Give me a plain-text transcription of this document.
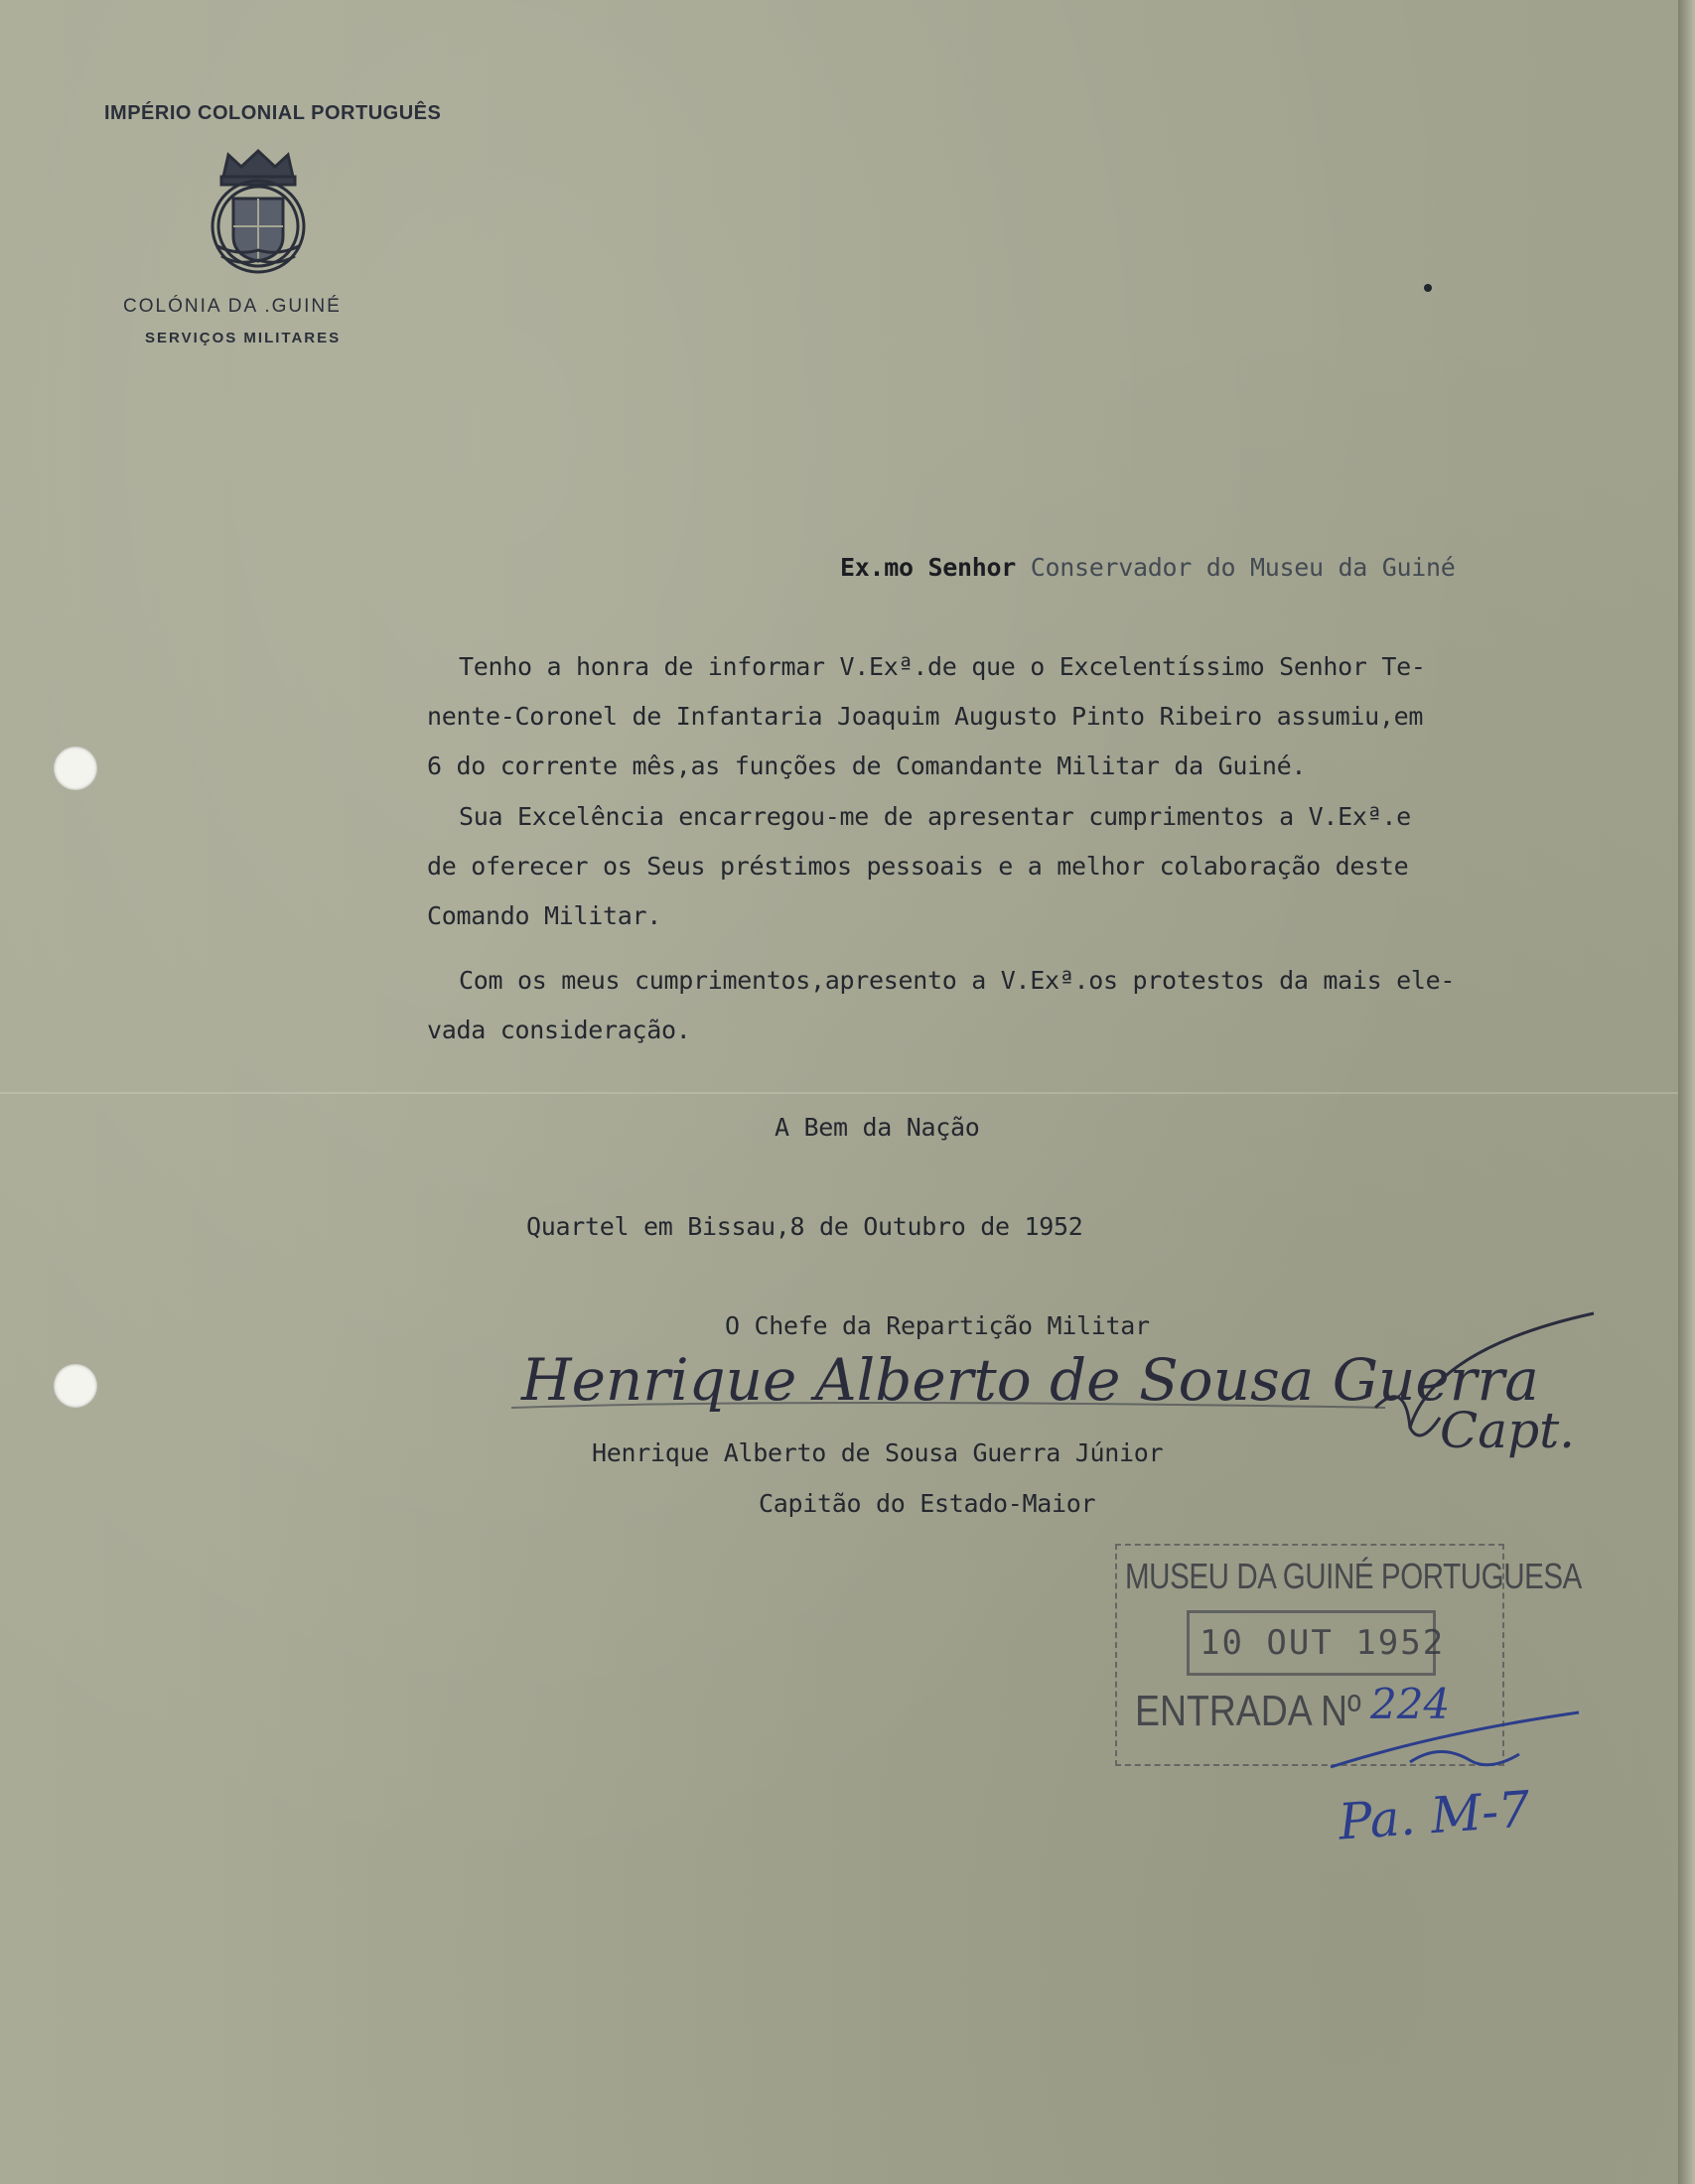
IMPÉRIO COLONIAL PORTUGUÊS
COLÓNIA DA .GUINÉ
SERVIÇOS MILITARES
Ex.mo Senhor Conservador do Museu da Guiné
Tenho a honra de informar V.Exª.de que o Excelentíssimo Senhor Te-
nente-Coronel de Infantaria Joaquim Augusto Pinto Ribeiro assumiu,em
6 do corrente mês,as funções de Comandante Militar da Guiné.
Sua Excelência encarregou-me de apresentar cumprimentos a V.Exª.e
de oferecer os Seus préstimos pessoais e a melhor colaboração deste
Comando Militar.
Com os meus cumprimentos,apresento a V.Exª.os protestos da mais ele-
vada consideração.
A Bem da Nação
Quartel em Bissau,8 de Outubro de 1952
O Chefe da Repartição Militar
Henrique Alberto de Sousa Guerra
Capt.
Henrique Alberto de Sousa Guerra Júnior
Capitão do Estado-Maior
MUSEU DA GUINÉ PORTUGUESA
10 OUT 1952
ENTRADA Nº 224
Pa. M-7
